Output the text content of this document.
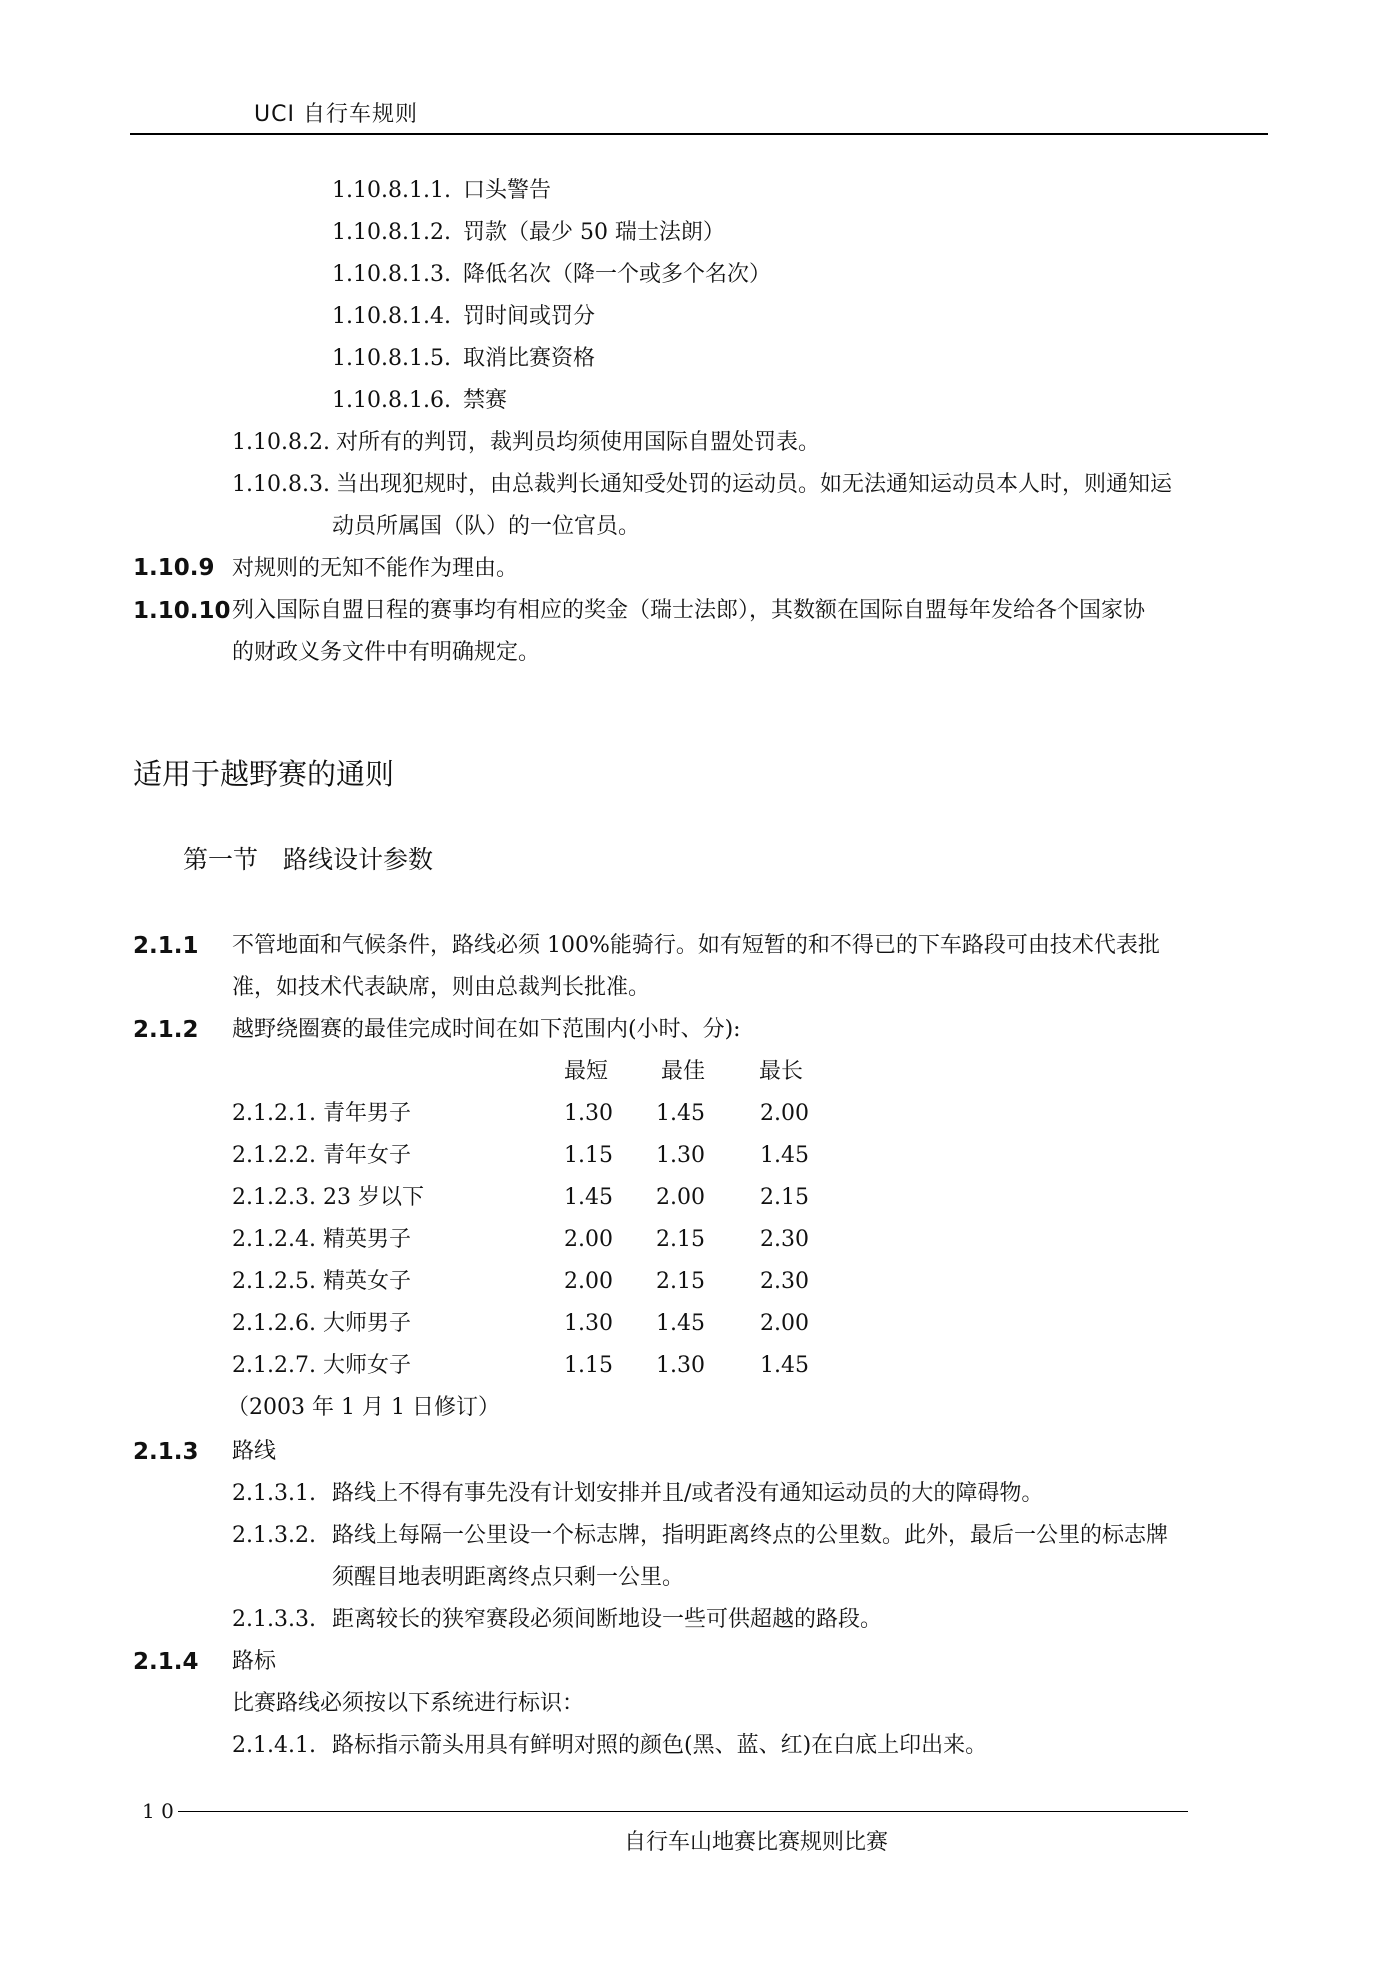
UCI 自行车规则
1.10.8.1.1. 口头警告
1.10.8.1.2. 罚款（最少 50 瑞士法朗）
1.10.8.1.3. 降低名次（降一个或多个名次）
1.10.8.1.4. 罚时间或罚分
1.10.8.1.5. 取消比赛资格
1.10.8.1.6. 禁赛
1.10.8.2. 对所有的判罚，裁判员均须使用国际自盟处罚表。
1.10.8.3. 当出现犯规时，由总裁判长通知受处罚的运动员。如无法通知运动员本人时，则通知运
动员所属国（队）的一位官员。
1.10.9 对规则的无知不能作为理由。
1.10.10 列入国际自盟日程的赛事均有相应的奖金（瑞士法郎），其数额在国际自盟每年发给各个国家协
的财政义务文件中有明确规定。
适用于越野赛的通则
第一节　路线设计参数
2.1.1 不管地面和气候条件，路线必须 100%能骑行。如有短暂的和不得已的下车路段可由技术代表批
准，如技术代表缺席，则由总裁判长批准。
2.1.2 越野绕圈赛的最佳完成时间在如下范围内(小时、分):
最短 最佳 最长
2.1.2.1. 青年男子	1.30 1.45	2.00
2.1.2.2. 青年女子	1.15 1.30	1.45
2.1.2.3. 23 岁以下	1.45 2.00	2.15
2.1.2.4. 精英男子	2.00 2.15	2.30
2.1.2.5. 精英女子	2.00 2.15	2.30
2.1.2.6. 大师男子	1.30 1.45	2.00
2.1.2.7. 大师女子	1.15 1.30	1.45
（2003 年 1 月 1 日修订）
2.1.3 路线
2.1.3.1. 路线上不得有事先没有计划安排并且/或者没有通知运动员的大的障碍物。
2.1.3.2. 路线上每隔一公里设一个标志牌，指明距离终点的公里数。此外，最后一公里的标志牌
须醒目地表明距离终点只剩一公里。
2.1.3.3. 距离较长的狭窄赛段必须间断地设一些可供超越的路段。
2.1.4 路标
比赛路线必须按以下系统进行标识：
2.1.4.1. 路标指示箭头用具有鲜明对照的颜色(黑、蓝、红)在白底上印出来。
1 0
自行车山地赛比赛规则比赛
